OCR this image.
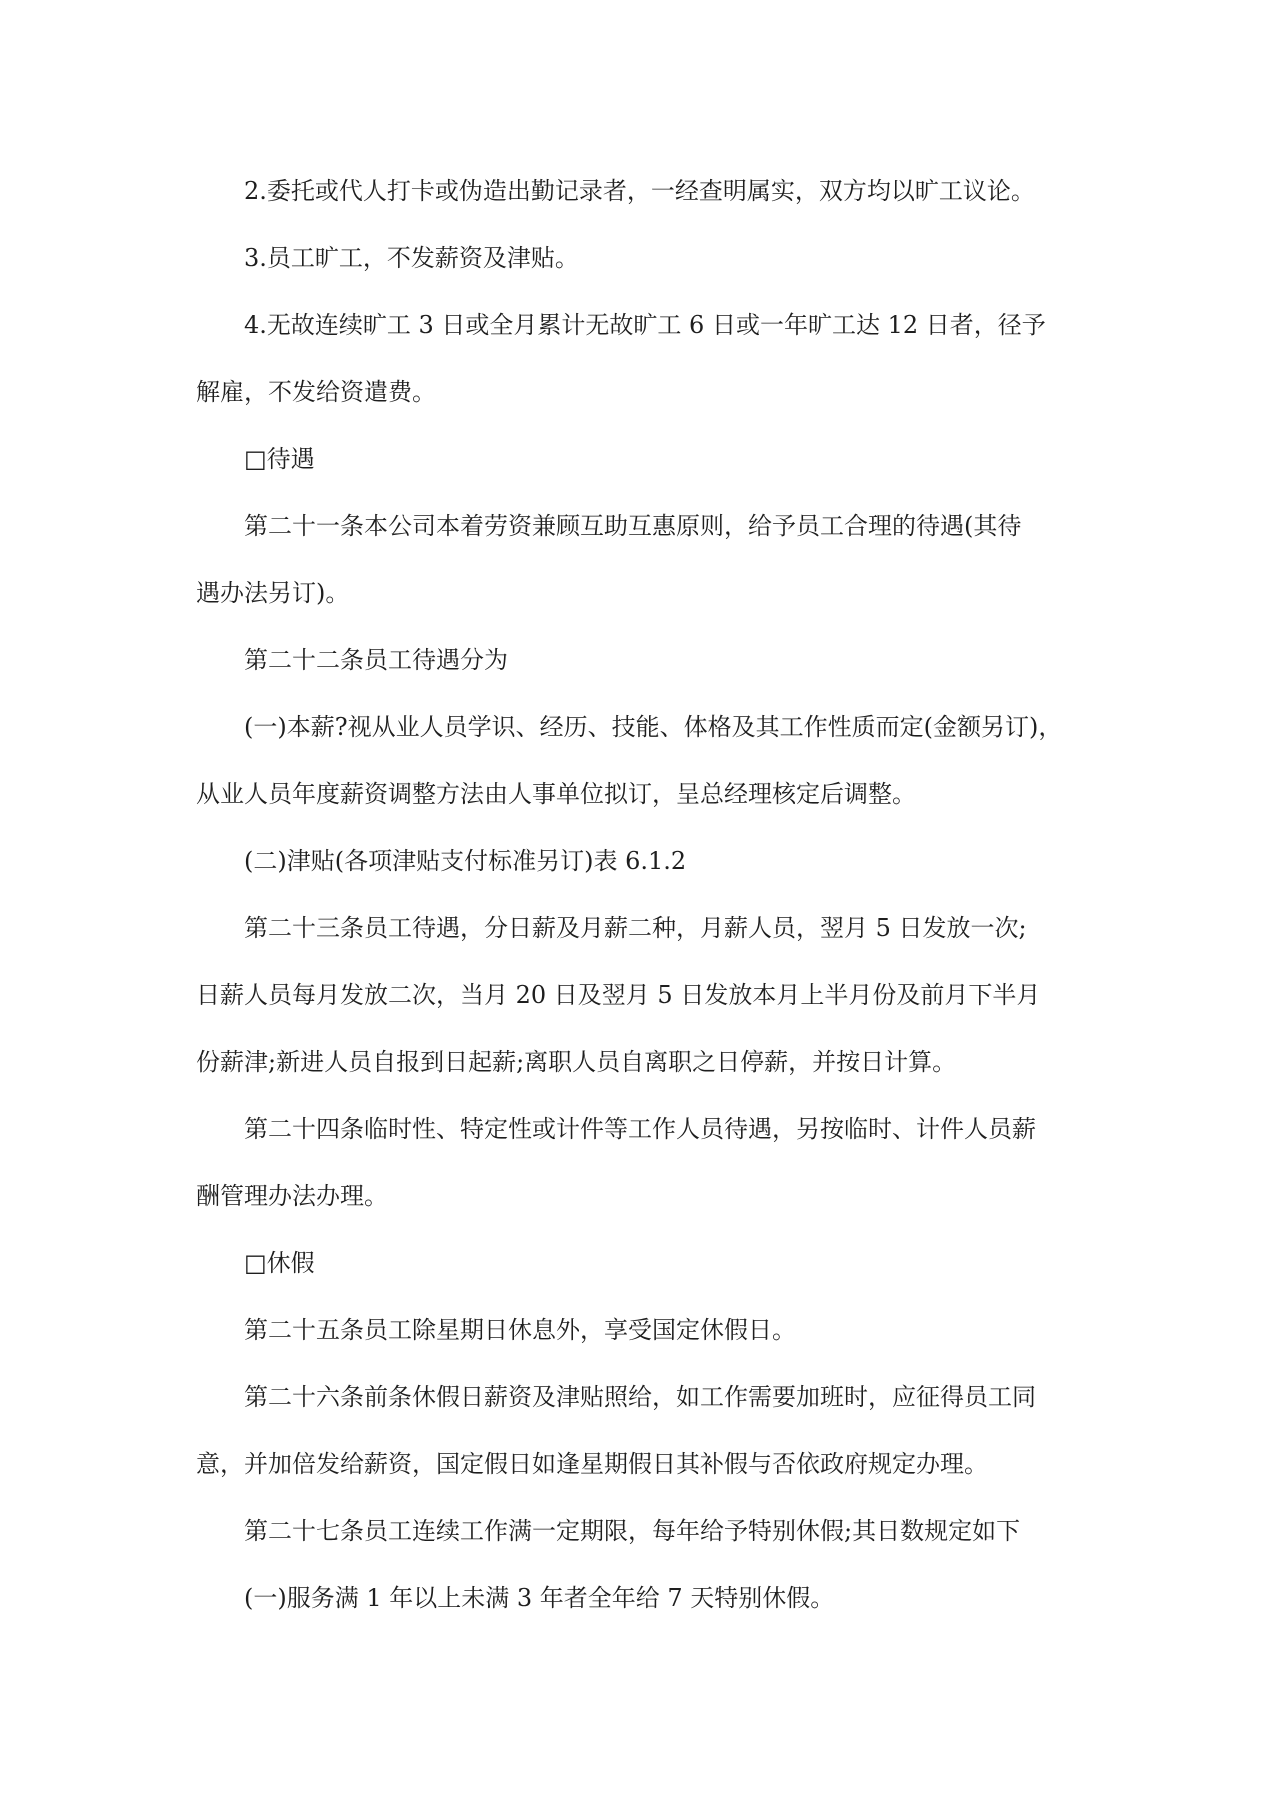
2.委托或代人打卡或伪造出勤记录者，一经查明属实，双方均以旷工议论。
3.员工旷工，不发薪资及津贴。
4.无故连续旷工 3 日或全月累计无故旷工 6 日或一年旷工达 12 日者，径予
解雇，不发给资遣费。
□待遇
第二十一条本公司本着劳资兼顾互助互惠原则，给予员工合理的待遇(其待
遇办法另订)。
第二十二条员工待遇分为
(一)本薪?视从业人员学识、经历、技能、体格及其工作性质而定(金额另订)，
从业人员年度薪资调整方法由人事单位拟订，呈总经理核定后调整。
(二)津贴(各项津贴支付标准另订)表 6.1.2
第二十三条员工待遇，分日薪及月薪二种，月薪人员，翌月 5 日发放一次;
日薪人员每月发放二次，当月 20 日及翌月 5 日发放本月上半月份及前月下半月
份薪津;新进人员自报到日起薪;离职人员自离职之日停薪，并按日计算。
第二十四条临时性、特定性或计件等工作人员待遇，另按临时、计件人员薪
酬管理办法办理。
□休假
第二十五条员工除星期日休息外，享受国定休假日。
第二十六条前条休假日薪资及津贴照给，如工作需要加班时，应征得员工同
意，并加倍发给薪资，国定假日如逢星期假日其补假与否依政府规定办理。
第二十七条员工连续工作满一定期限，每年给予特别休假;其日数规定如下
(一)服务满 1 年以上未满 3 年者全年给 7 天特别休假。
